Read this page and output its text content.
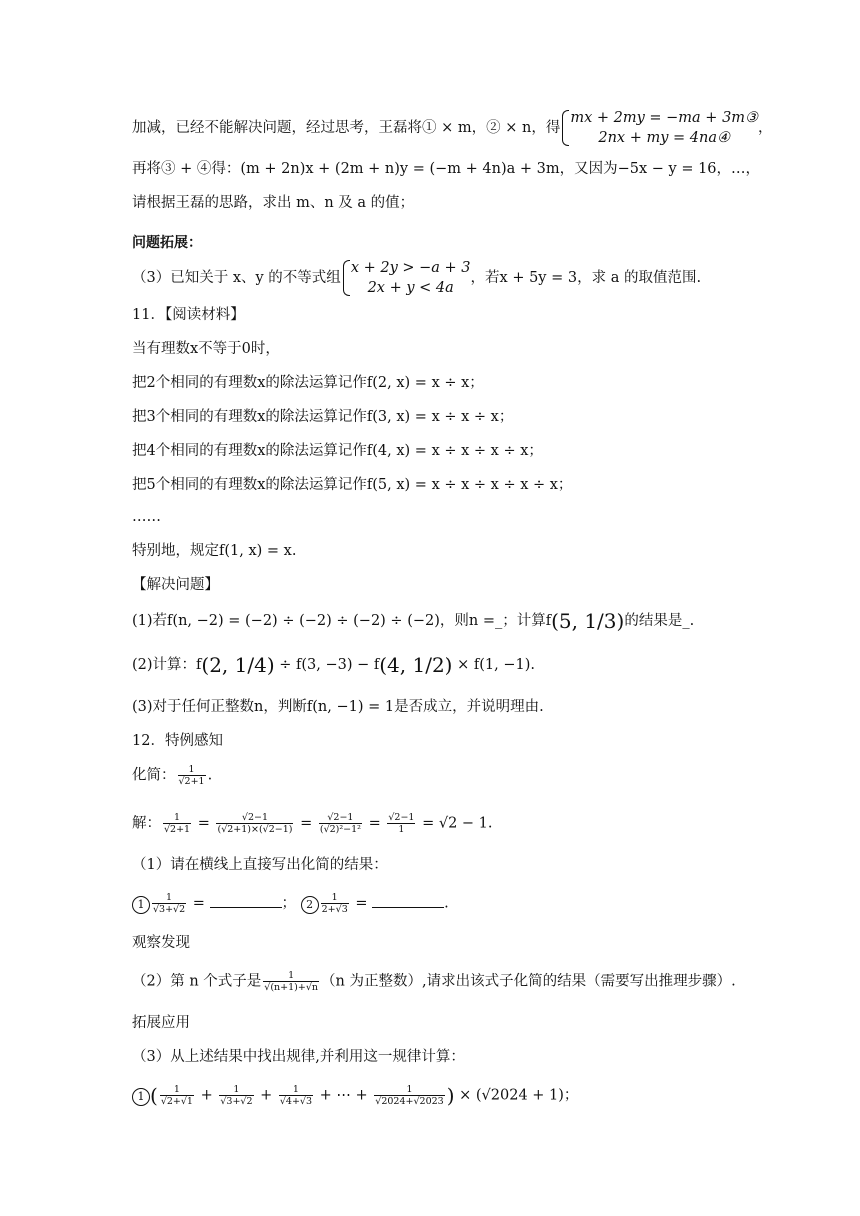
加减，已经不能解决问题，经过思考，王磊将① × m，② × n，得
mx + 2my = −ma + 3m③
2nx + my = 4na④
，
再将③ + ④得：(m + 2n)x + (2m + n)y = (−m + 4n)a + 3m，又因为−5x − y = 16，…，
请根据王磊的思路，求出 m、n 及 a 的值；
问题拓展：
（3）已知关于 x、y 的不等式组
x + 2y > −a + 3
2x + y < 4a
，若x + 5y = 3，求 a 的取值范围.
11．【阅读材料】
当有理数x不等于0时，
把2个相同的有理数x的除法运算记作f(2, x) = x ÷ x；
把3个相同的有理数x的除法运算记作f(3, x) = x ÷ x ÷ x；
把4个相同的有理数x的除法运算记作f(4, x) = x ÷ x ÷ x ÷ x；
把5个相同的有理数x的除法运算记作f(5, x) = x ÷ x ÷ x ÷ x ÷ x；
……
特别地，规定f(1, x) = x.
【解决问题】
(1)若f(n, −2) = (−2) ÷ (−2) ÷ (−2) ÷ (−2)，则n =_；计算f(5, 1/3)的结果是_.
(2)计算：f(2, 1/4) ÷ f(3, −3) − f(4, 1/2) × f(1, −1).
(3)对于任何正整数n，判断f(n, −1) = 1是否成立，并说明理由.
12．特例感知
化简： $\frac{1}{√2+1}$ .
解： $\frac{1}{√2+1} = \frac{√2-1}{(√2+1)\times(√2-1)} = \frac{√2-1}{\text{(√2)²−1²}} = \frac{√2-1}{1} = √2 - 1$.
（1）请在横线上直接写出化简的结果：
$1 \frac{1}{√3+√2}$ =	； $2 \frac{1}{2+√3}$ =	.
观察发现
（2）第 n 个式子是 $\frac{1}{√(n+1)+√n} (n$ 为正整数）,请求出该式子化简的结果（需要写出推理步骤）.
拓展应用
（3）从上述结果中找出规律,并利用这一规律计算：
1 ( $\frac{1}{√2+√1} + \frac{1}{√3+√2} + \frac{1}{√4+√3}$ + ⋯ + $\frac{1}{√2024+√2023}$ ) × (√2024 + 1)；
